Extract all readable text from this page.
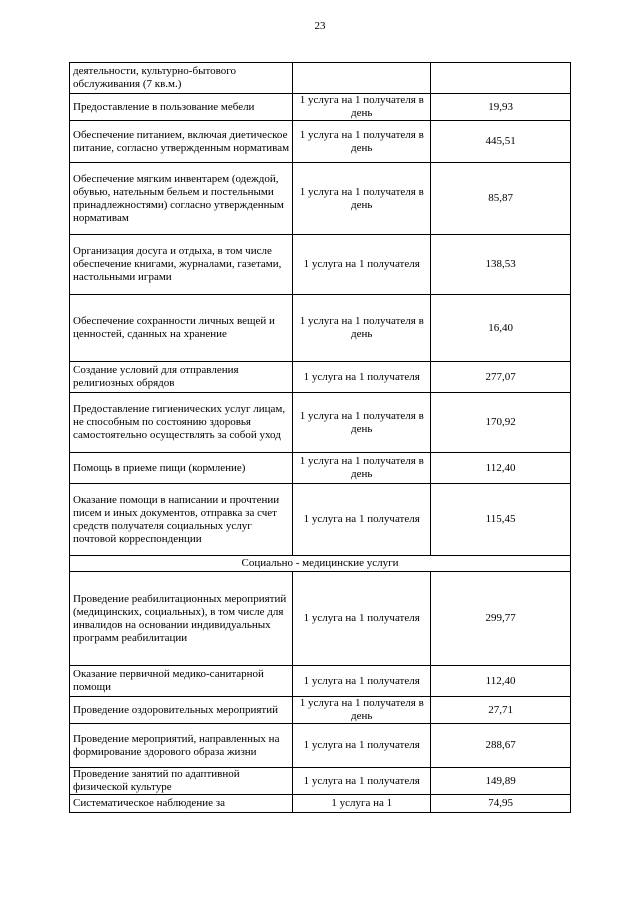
23
деятельности, культурно-бытового обслуживания (7 кв.м.)		
Предоставление в пользование мебели	1 услуга на 1 получателя в день	19,93
Обеспечение питанием, включая диетическое питание, согласно утвержденным нормативам	1 услуга на 1 получателя в день	445,51
Обеспечение мягким инвентарем (одеждой, обувью, нательным бельем и постельными принадлежностями) согласно утвержденным нормативам	1 услуга на 1 получателя в день	85,87
Организация досуга и отдыха, в том числе обеспечение книгами, журналами, газетами, настольными играми	1 услуга на 1 получателя	138,53
Обеспечение сохранности личных вещей и ценностей, сданных на хранение	1 услуга на 1 получателя в день	16,40
Создание условий для отправления религиозных обрядов	1 услуга на 1 получателя	277,07
Предоставление гигиенических услуг лицам, не способным по состоянию здоровья самостоятельно осуществлять за собой уход	1 услуга на 1 получателя в день	170,92
Помощь в приеме пищи (кормление)	1 услуга на 1 получателя в день	112,40
Оказание помощи в написании и прочтении писем и иных документов, отправка за счет средств получателя социальных услуг почтовой корреспонденции	1 услуга на 1 получателя	115,45
Социально - медицинские услуги		
Проведение реабилитационных мероприятий (медицинских, социальных), в том числе для инвалидов на основании индивидуальных программ реабилитации	1 услуга на 1 получателя	299,77
Оказание первичной медико-санитарной помощи	1 услуга на 1 получателя	112,40
Проведение оздоровительных мероприятий	1 услуга на 1 получателя в день	27,71
Проведение мероприятий, направленных на формирование здорового образа жизни	1 услуга на 1 получателя	288,67
Проведение занятий по адаптивной физической культуре	1 услуга на 1 получателя	149,89
Систематическое наблюдение за	1 услуга на 1	74,95
